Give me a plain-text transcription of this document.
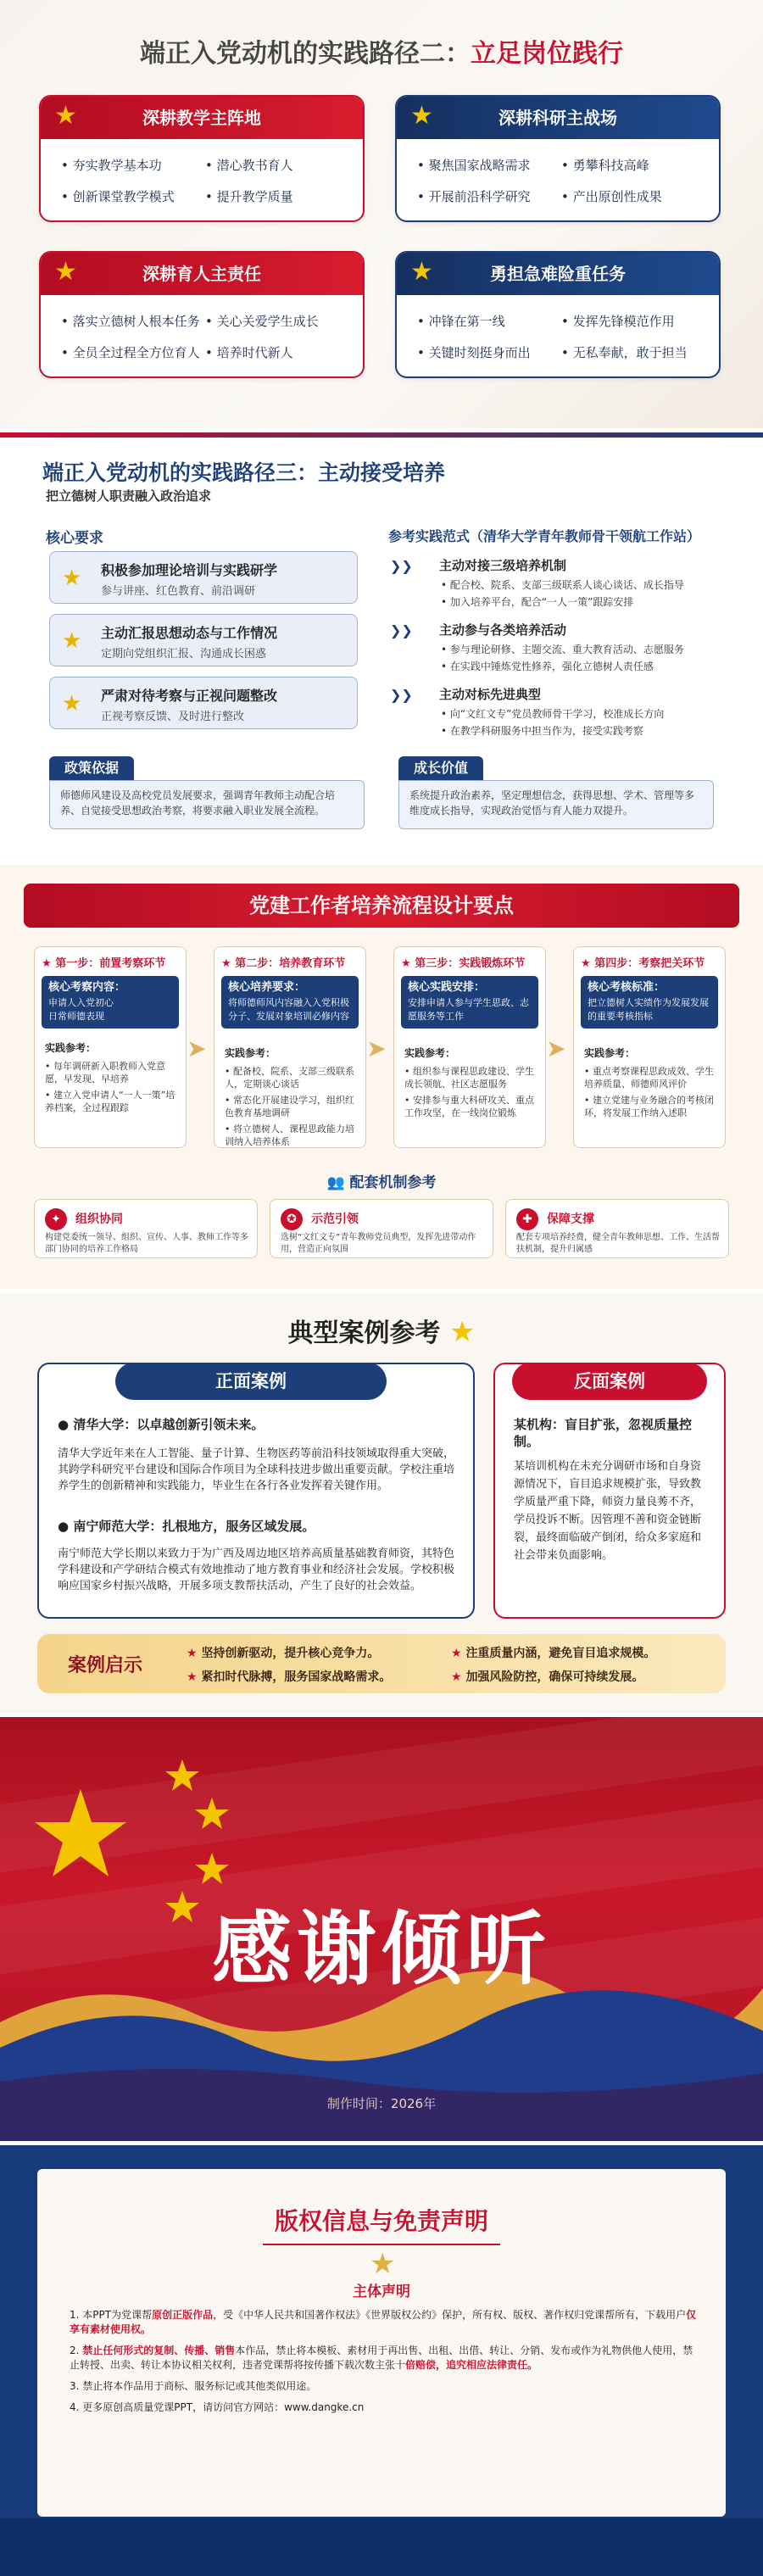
端正入党动机的实践路径二：立足岗位践行
★	深耕教学主阵地
• 夯实教学基本功	• 潜心教书育人
• 创新课堂教学模式	• 提升教学质量
★	深耕科研主战场
• 聚焦国家战略需求	• 勇攀科技高峰
• 开展前沿科学研究	• 产出原创性成果
★	深耕育人主责任
• 落实立德树人根本任务	• 关心关爱学生成长
• 全员全过程全方位育人	• 培养时代新人
★	勇担急难险重任务
• 冲锋在第一线	• 发挥先锋模范作用
• 关键时刻挺身而出	• 无私奉献，敢于担当
端正入党动机的实践路径三：主动接受培养
把立德树人职责融入政治追求
核心要求
★ 积极参加理论培训与实践研学
参与讲座、红色教育、前沿调研
★ 主动汇报思想动态与工作情况
定期向党组织汇报、沟通成长困惑
★ 严肃对待考察与正视问题整改
正视考察反馈、及时进行整改
参考实践范式（清华大学青年教师骨干领航工作站）
❯❯ 主动对接三级培养机制
• 配合校、院系、支部三级联系人谈心谈话、成长指导
• 加入培养平台，配合“一人一策”跟踪安排
❯❯ 主动参与各类培养活动
• 参与理论研修、主题交流、重大教育活动、志愿服务
• 在实践中锤炼党性修养，强化立德树人责任感
❯❯ 主动对标先进典型
• 向“文红文专”党员教师骨干学习，校准成长方向
• 在教学科研服务中担当作为，接受实践考察
政策依据
师德师风建设及高校党员发展要求，强调青年教师主动配合培养、自觉接受思想政治考察，将要求融入职业发展全流程。
成长价值
系统提升政治素养，坚定理想信念，获得思想、学术、管理等多维度成长指导，实现政治觉悟与育人能力双提升。
党建工作者培养流程设计要点
★ 第一步：前置考察环节
核心考察内容：
申请人入党初心
日常师德表现
实践参考：
• 每年调研新入职教师入党意愿，早发现、早培养
• 建立入党申请人“一人一策”培养档案，全过程跟踪
➤
★ 第二步：培养教育环节
核心培养要求：
将师德师风内容融入入党积极分子、发展对象培训必修内容
实践参考：
• 配备校、院系、支部三级联系人，定期谈心谈话
• 常态化开展建设学习，组织红色教育基地调研
• 将立德树人、课程思政能力培训纳入培养体系
➤
★ 第三步：实践锻炼环节
核心实践安排：
安排申请人参与学生思政、志愿服务等工作
实践参考：
• 组织参与课程思政建设、学生成长领航、社区志愿服务
• 安排参与重大科研攻关、重点工作攻坚，在一线岗位锻炼
➤
★ 第四步：考察把关环节
核心考核标准：
把立德树人实绩作为发展发展的重要考核指标
实践参考：
• 重点考察课程思政成效、学生培养质量、师德师风评价
• 建立党建与业务融合的考核闭环，将发展工作纳入述职
👥 配套机制参考
✦	组织协同
构建党委统一领导、组织、宣传、人事、教师工作等多部门协同的培养工作格局
✪	示范引领
选树“文红文专”青年教师党员典型，发挥先进带动作用，营造正向氛围
✚	保障支撑
配套专项培养经费，健全青年教师思想、工作、生活帮扶机制，提升归属感
典型案例参考 ★
正面案例
● 清华大学：以卓越创新引领未来。
清华大学近年来在人工智能、量子计算、生物医药等前沿科技领域取得重大突破，其跨学科研究平台建设和国际合作项目为全球科技进步做出重要贡献。学校注重培养学生的创新精神和实践能力，毕业生在各行各业发挥着关键作用。
● 南宁师范大学：扎根地方，服务区域发展。
南宁师范大学长期以来致力于为广西及周边地区培养高质量基础教育师资，其特色学科建设和产学研结合模式有效地推动了地方教育事业和经济社会发展。学校积极响应国家乡村振兴战略，开展多项支教帮扶活动，产生了良好的社会效益。
反面案例
某机构：盲目扩张，忽视质量控制。
某培训机构在未充分调研市场和自身资源情况下，盲目追求规模扩张，导致教学质量严重下降，师资力量良莠不齐，学员投诉不断。因管理不善和资金链断裂，最终面临破产倒闭，给众多家庭和社会带来负面影响。
案例启示
★ 坚持创新驱动，提升核心竞争力。	★ 注重质量内涵，避免盲目追求规模。
★ 紧扣时代脉搏，服务国家战略需求。	★ 加强风险防控，确保可持续发展。
感谢倾听
制作时间：2026年
版权信息与免责声明
★
主体声明
1. 本PPT为党课帮原创正版作品，受《中华人民共和国著作权法》《世界版权公约》保护，所有权、版权、著作权归党课帮所有，下载用户仅享有素材使用权。
2. 禁止任何形式的复制、传播、销售本作品，禁止将本模板、素材用于再出售、出租、出借、转让、分销、发布或作为礼物供他人使用，禁止转授、出卖、转让本协议相关权利，违者党课帮将按传播下载次数主张十倍赔偿，追究相应法律责任。
3. 禁止将本作品用于商标、服务标记或其他类似用途。
4. 更多原创高质量党课PPT，请访问官方网站：www.dangke.cn
